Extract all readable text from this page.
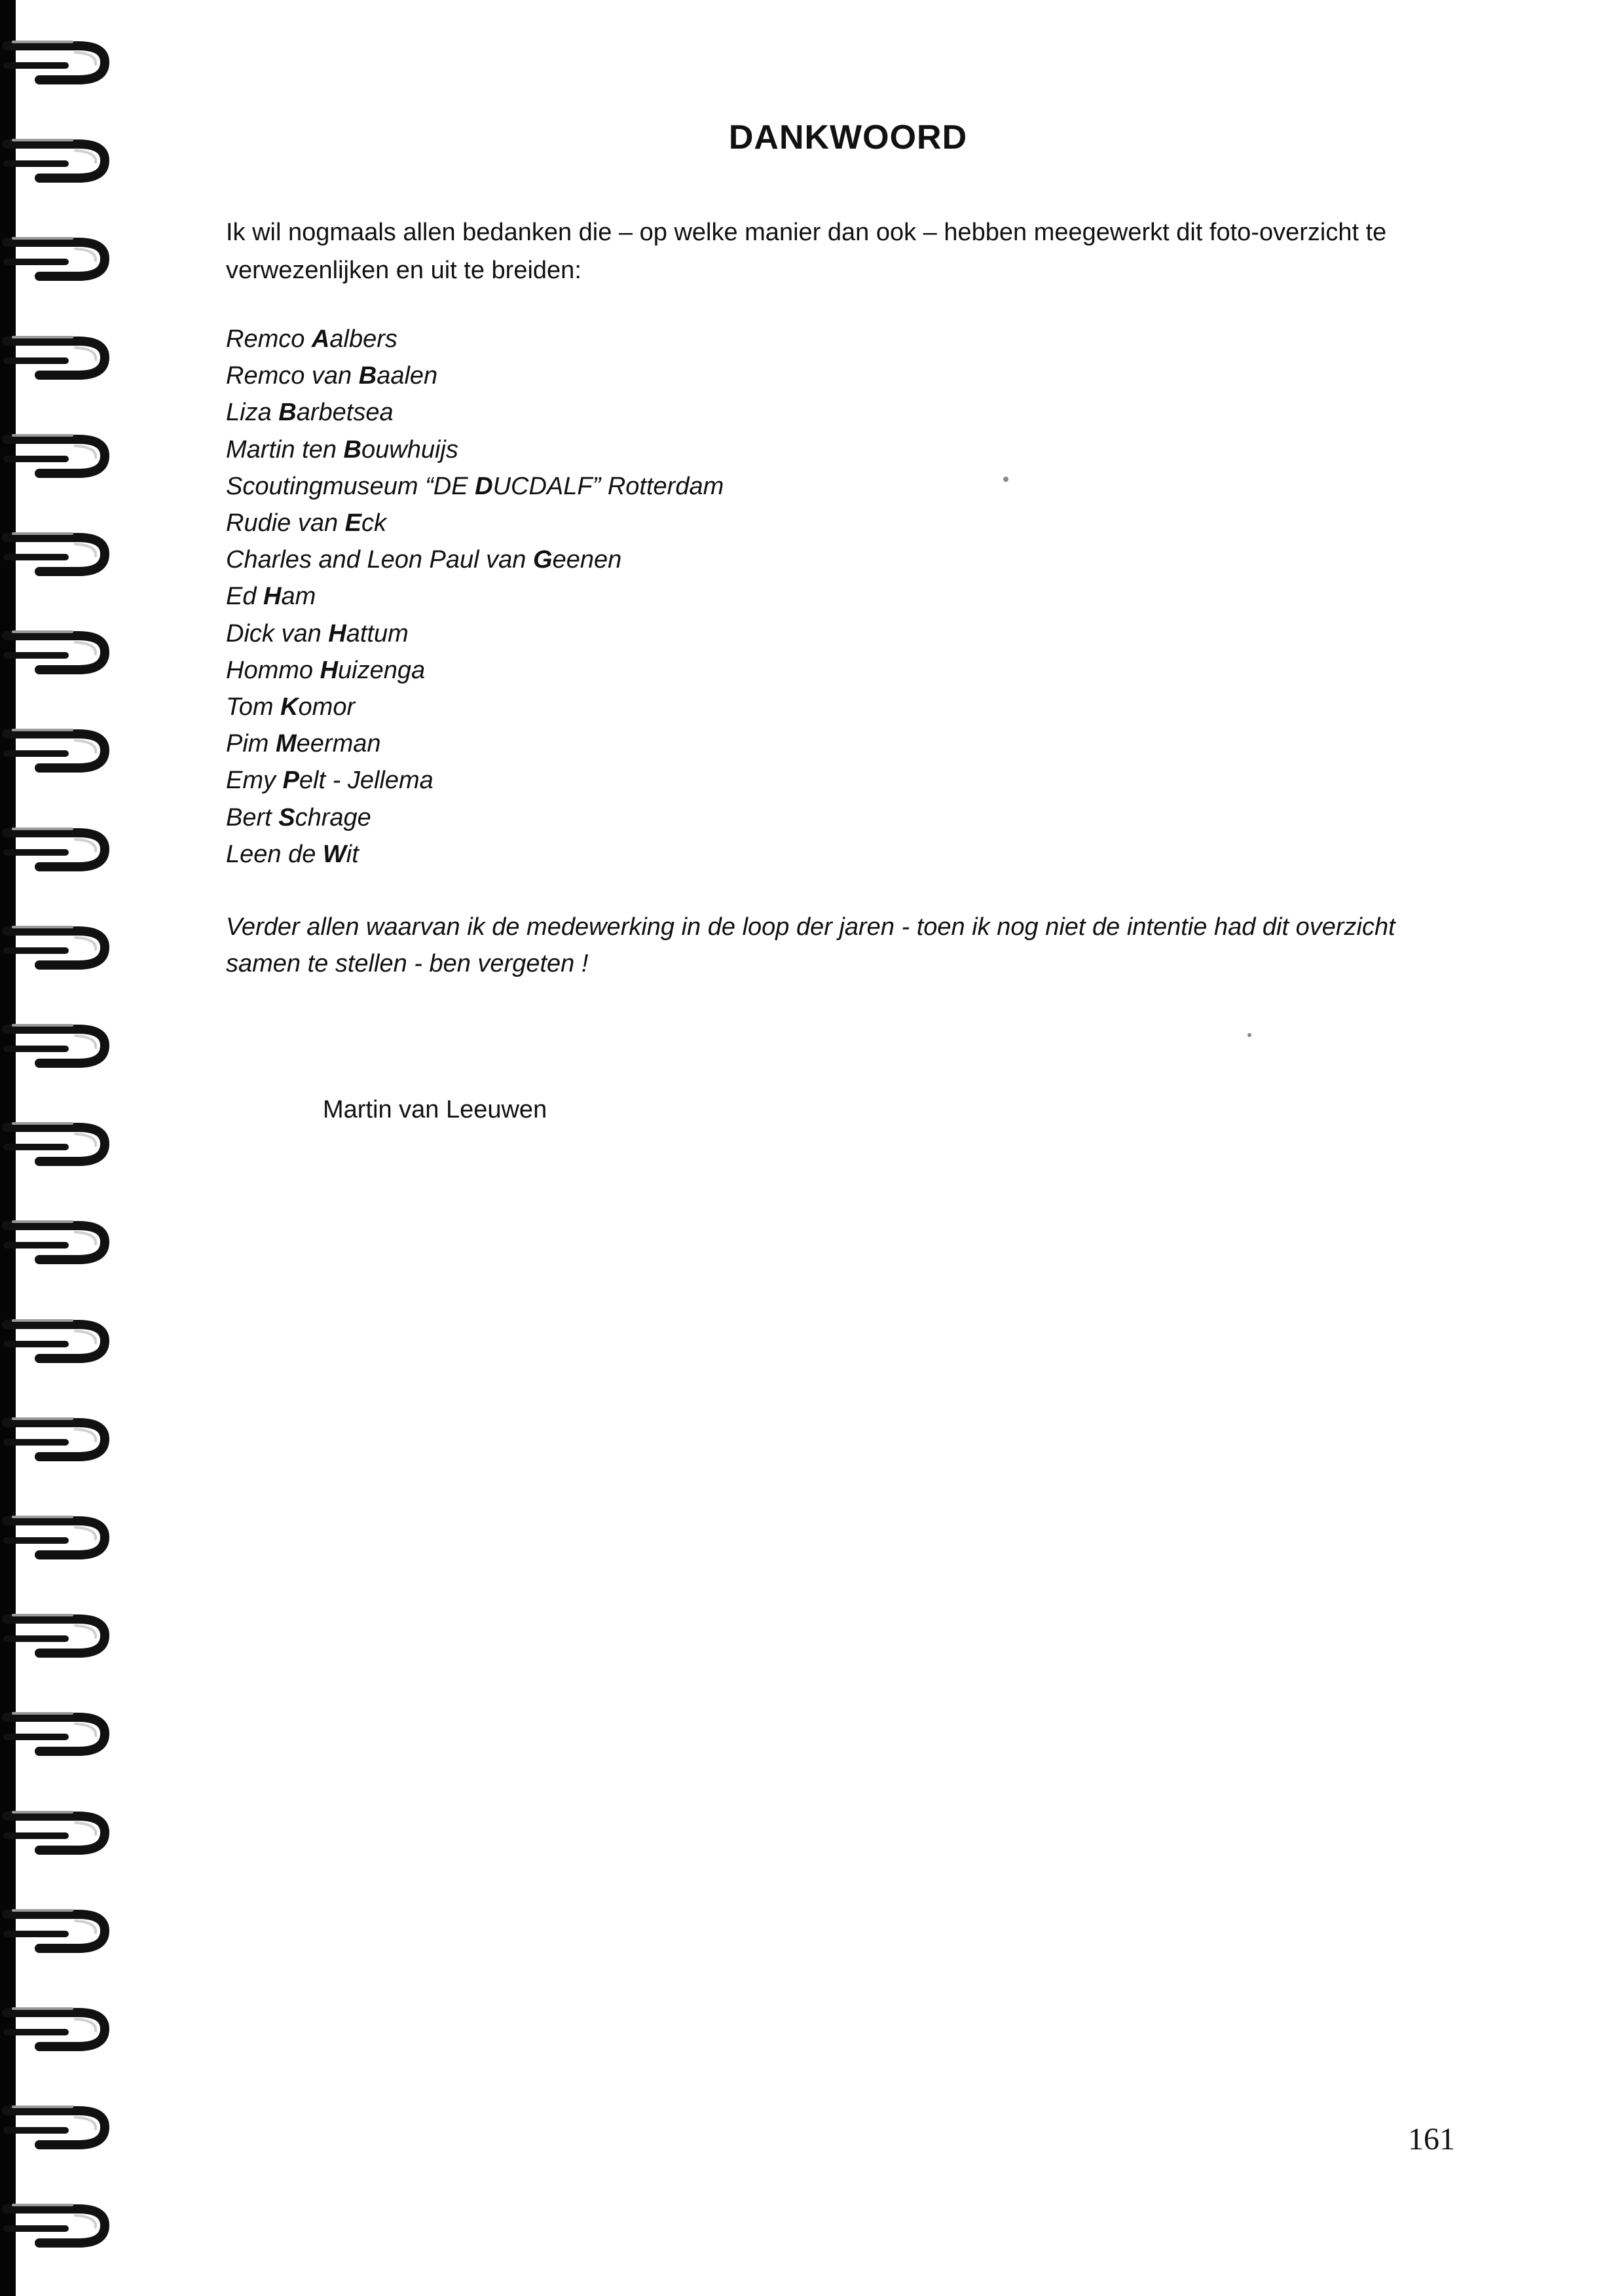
DANKWOORD
Ik wil nogmaals allen bedanken die – op welke manier dan ook – hebben meegewerkt dit foto-overzicht te verwezenlijken en uit te breiden:
Remco Aalbers
Remco van Baalen
Liza Barbetsea
Martin ten Bouwhuijs
Scoutingmuseum “DE DUCDALF” Rotterdam
Rudie van Eck
Charles and Leon Paul van Geenen
Ed Ham
Dick van Hattum
Hommo Huizenga
Tom Komor
Pim Meerman
Emy Pelt - Jellema
Bert Schrage
Leen de Wit
Verder allen waarvan ik de medewerking in de loop der jaren - toen ik nog niet de intentie had dit overzicht samen te stellen - ben vergeten !
Martin van Leeuwen
161
